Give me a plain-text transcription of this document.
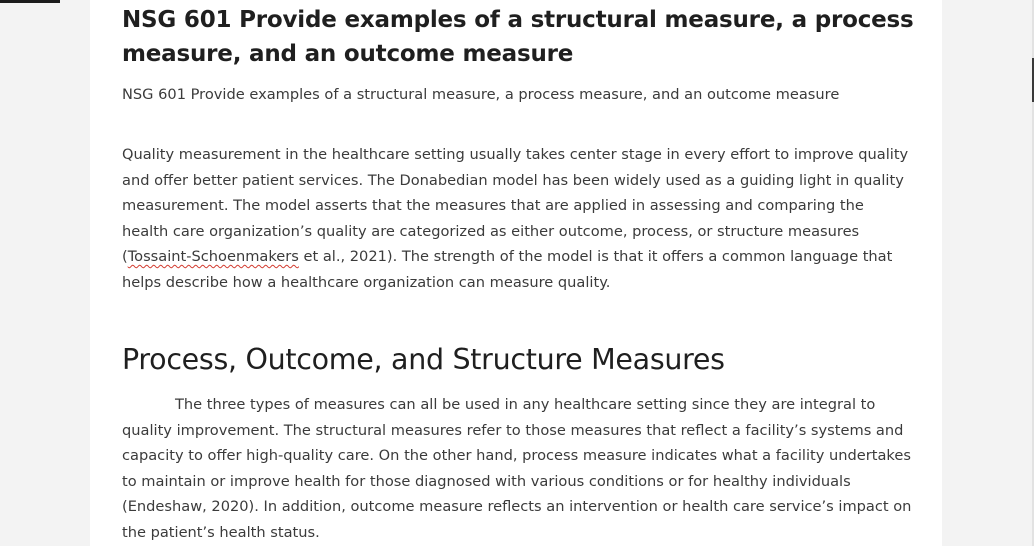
NSG 601 Provide examples of a structural measure, a process measure, and an outcome measure

NSG 601 Provide examples of a structural measure, a process measure, and an outcome measure

Quality measurement in the healthcare setting usually takes center stage in every effort to improve quality and offer better patient services. The Donabedian model has been widely used as a guiding light in quality measurement. The model asserts that the measures that are applied in assessing and comparing the health care organization’s quality are categorized as either outcome, process, or structure measures (Tossaint-Schoenmakers et al., 2021). The strength of the model is that it offers a common language that helps describe how a healthcare organization can measure quality.

Process, Outcome, and Structure Measures

The three types of measures can all be used in any healthcare setting since they are integral to quality improvement. The structural measures refer to those measures that reflect a facility’s systems and capacity to offer high-quality care. On the other hand, process measure indicates what a facility undertakes to maintain or improve health for those diagnosed with various conditions or for healthy individuals (Endeshaw, 2020). In addition, outcome measure reflects an intervention or health care service’s impact on the patient’s health status.
